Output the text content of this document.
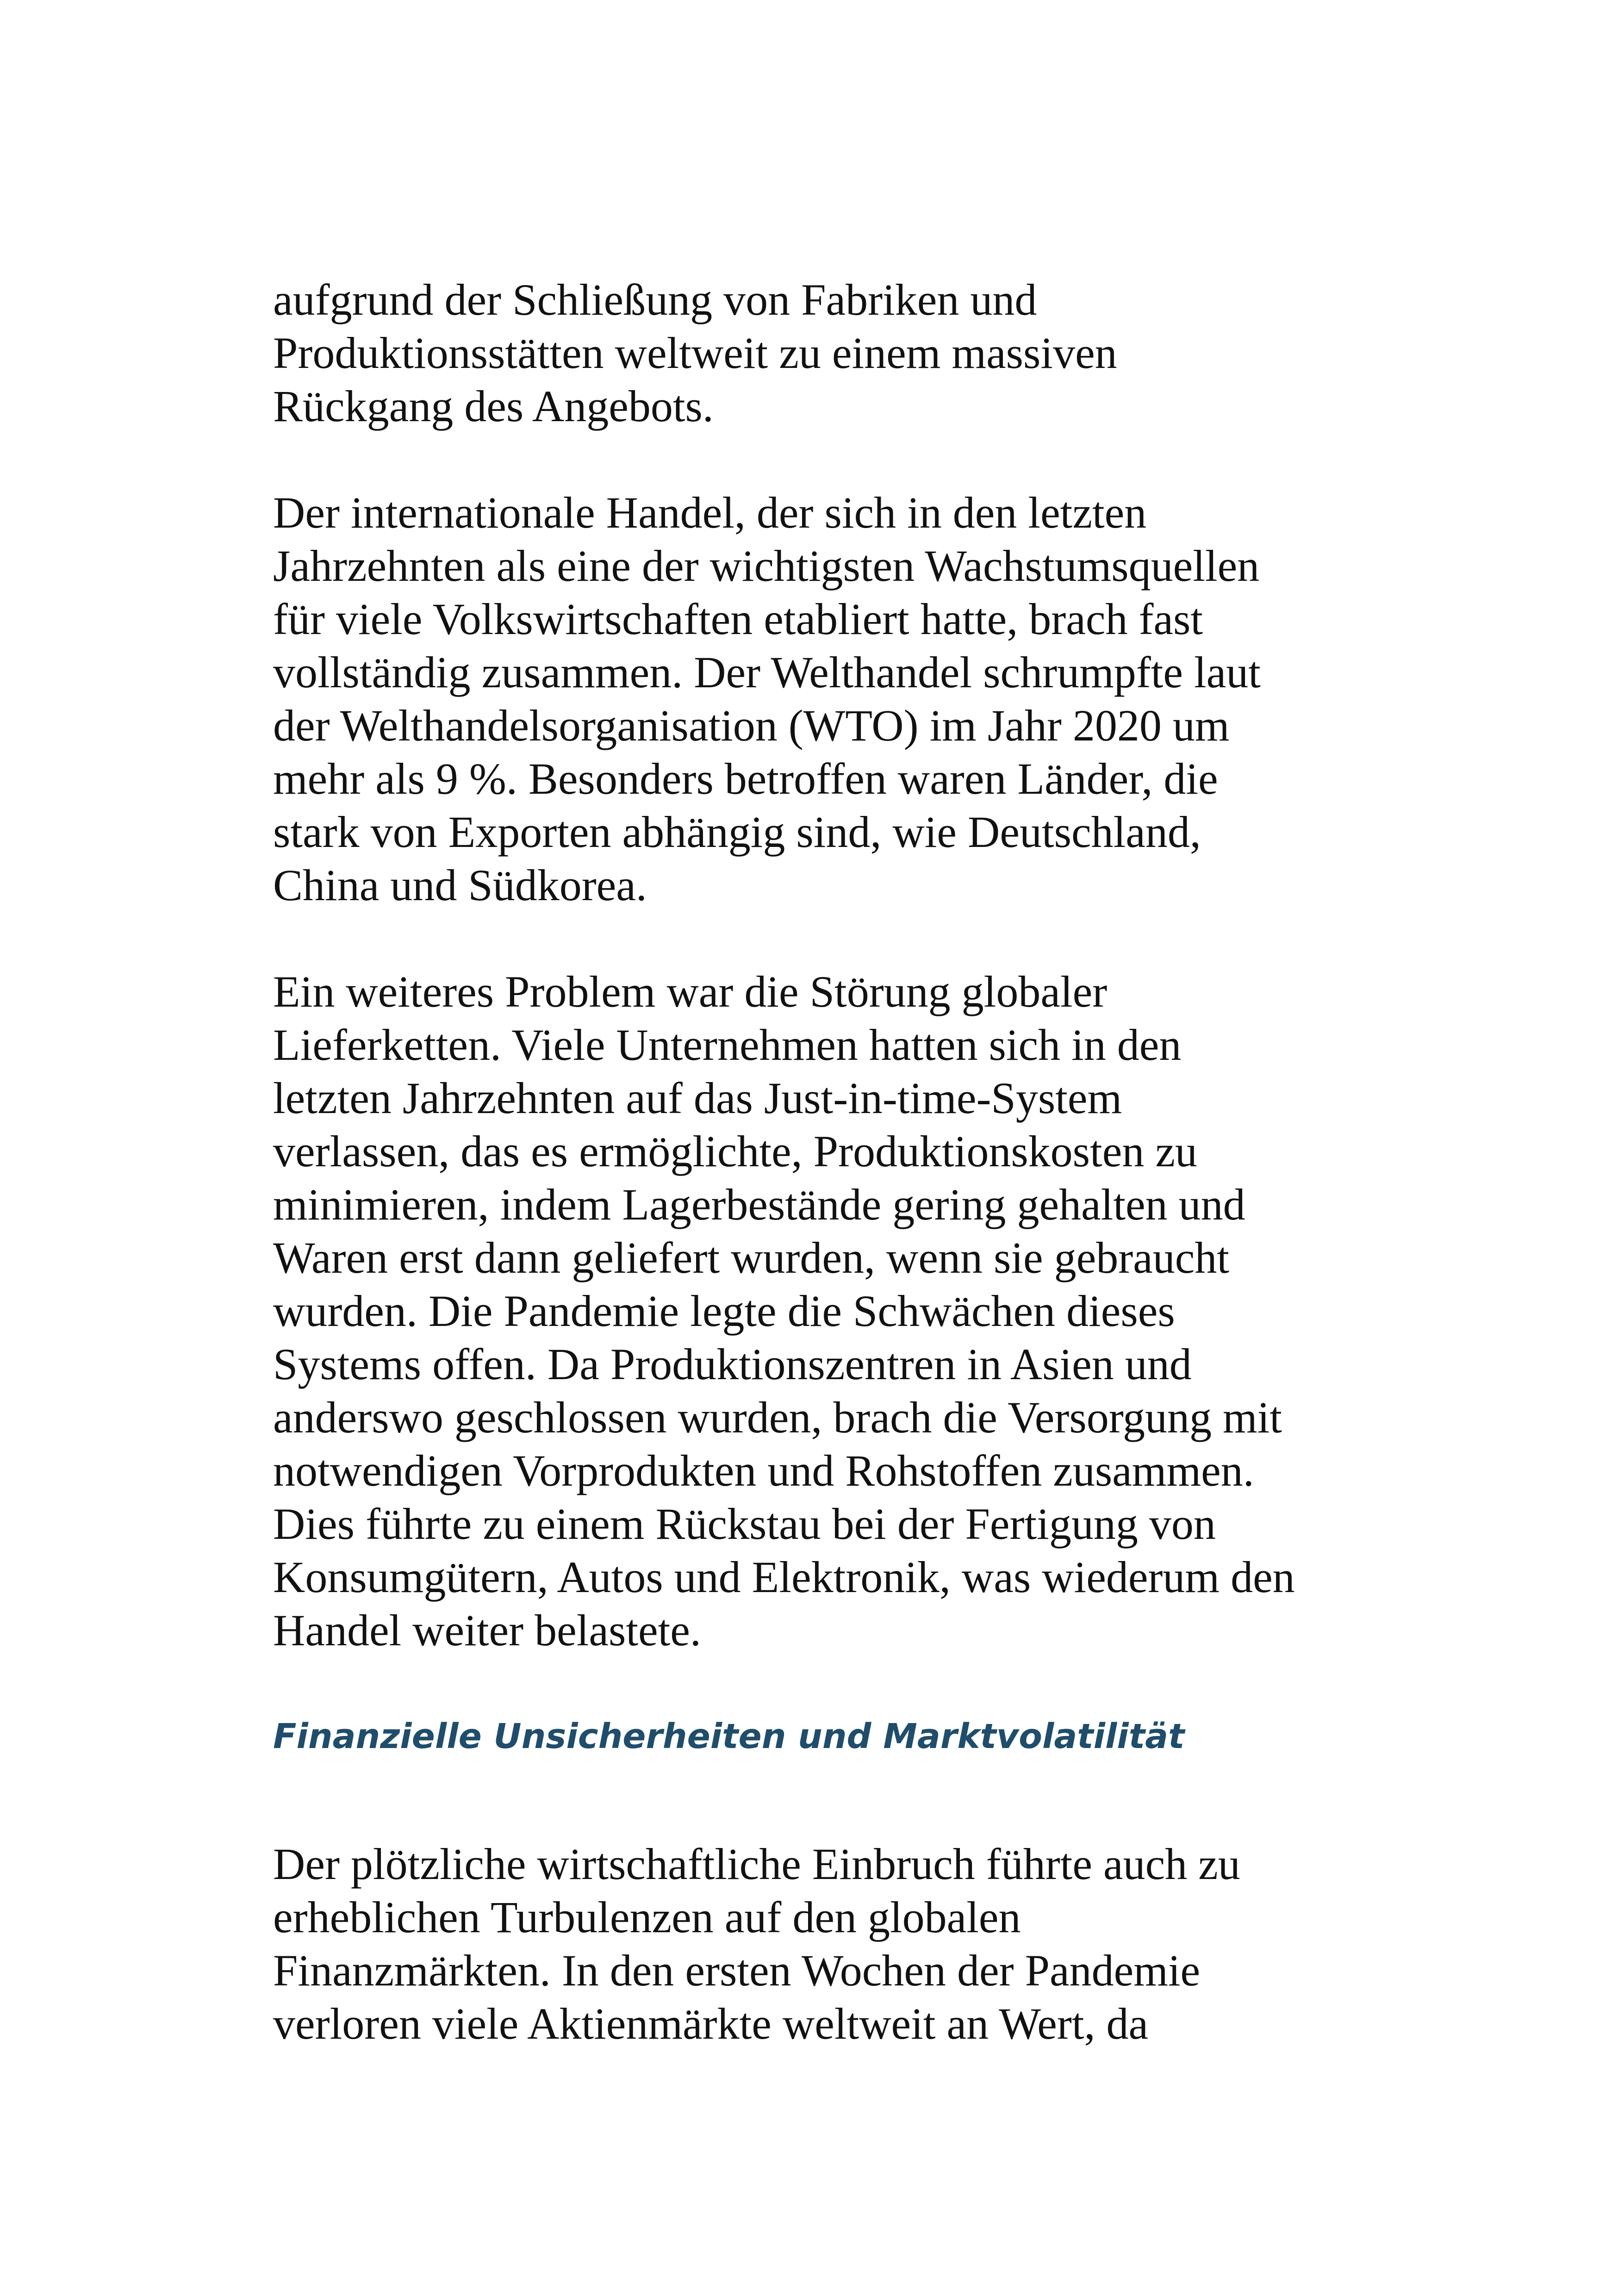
aufgrund der Schließung von Fabriken und
Produktionsstätten weltweit zu einem massiven
Rückgang des Angebots.

Der internationale Handel, der sich in den letzten
Jahrzehnten als eine der wichtigsten Wachstumsquellen
für viele Volkswirtschaften etabliert hatte, brach fast
vollständig zusammen. Der Welthandel schrumpfte laut
der Welthandelsorganisation (WTO) im Jahr 2020 um
mehr als 9 %. Besonders betroffen waren Länder, die
stark von Exporten abhängig sind, wie Deutschland,
China und Südkorea.

Ein weiteres Problem war die Störung globaler
Lieferketten. Viele Unternehmen hatten sich in den
letzten Jahrzehnten auf das Just-in-time-System
verlassen, das es ermöglichte, Produktionskosten zu
minimieren, indem Lagerbestände gering gehalten und
Waren erst dann geliefert wurden, wenn sie gebraucht
wurden. Die Pandemie legte die Schwächen dieses
Systems offen. Da Produktionszentren in Asien und
anderswo geschlossen wurden, brach die Versorgung mit
notwendigen Vorprodukten und Rohstoffen zusammen.
Dies führte zu einem Rückstau bei der Fertigung von
Konsumgütern, Autos und Elektronik, was wiederum den
Handel weiter belastete.

Finanzielle Unsicherheiten und Marktvolatilität

Der plötzliche wirtschaftliche Einbruch führte auch zu
erheblichen Turbulenzen auf den globalen
Finanzmärkten. In den ersten Wochen der Pandemie
verloren viele Aktienmärkte weltweit an Wert, da
